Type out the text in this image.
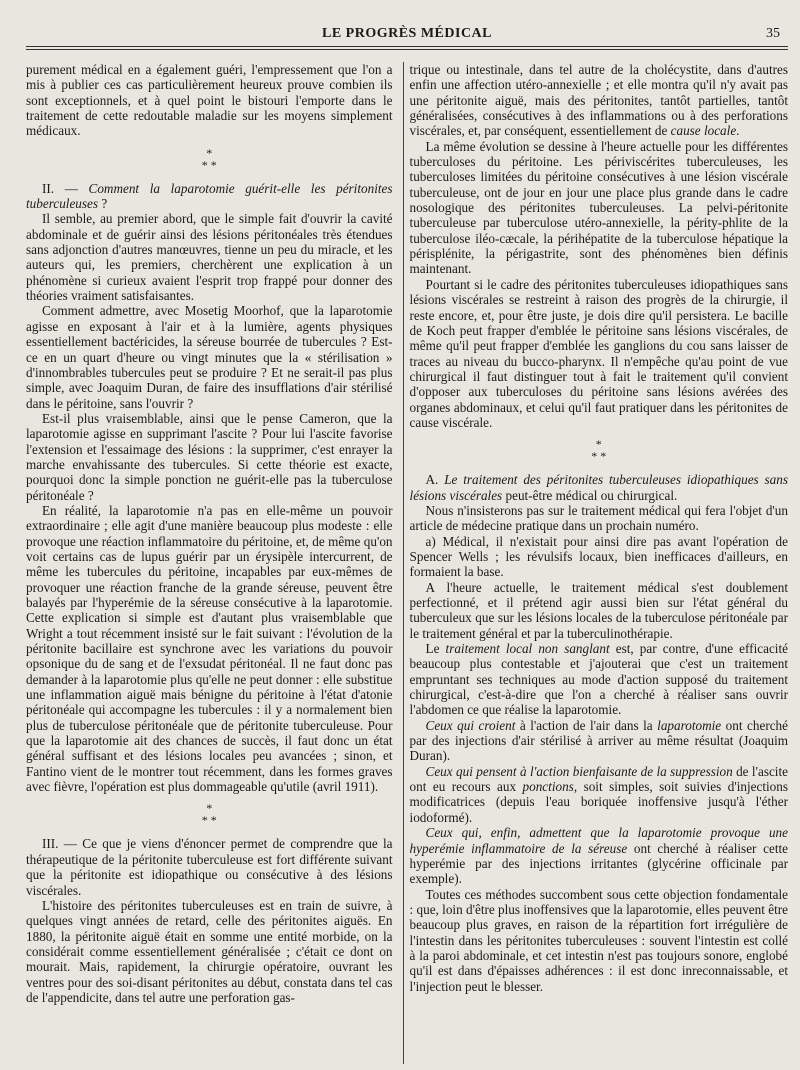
LE PROGRÈS MÉDICAL	35

purement médical en a également guéri, l'empressement que l'on a mis à publier ces cas particulièrement heureux prouve combien ils sont exceptionnels, et à quel point le bistouri l'emporte dans le traitement de cette redoutable maladie sur les moyens simplement médicaux.

*
* *

II. — Comment la laparotomie guérit-elle les péritonites tuberculeuses ?

Il semble, au premier abord, que le simple fait d'ouvrir la cavité abdominale et de guérir ainsi des lésions péritonéales très étendues sans adjonction d'autres manœuvres, tienne un peu du miracle, et les auteurs qui, les premiers, cherchèrent une explication à un phénomène si curieux avaient l'esprit trop frappé pour donner des théories vraiment satisfaisantes.

Comment admettre, avec Mosetig Moorhof, que la laparotomie agisse en exposant à l'air et à la lumière, agents physiques essentiellement bactéricides, la séreuse bourrée de tubercules ? Est-ce en un quart d'heure ou vingt minutes que la « stérilisation » d'innombrables tubercules peut se produire ? Et ne serait-il pas plus simple, avec Joaquim Duran, de faire des insufflations d'air stérilisé dans le péritoine, sans l'ouvrir ?

Est-il plus vraisemblable, ainsi que le pense Cameron, que la laparotomie agisse en supprimant l'ascite ? Pour lui l'ascite favorise l'extension et l'essaimage des lésions : la supprimer, c'est enrayer la marche envahissante des tubercules. Si cette théorie est exacte, pourquoi donc la simple ponction ne guérit-elle pas la tuberculose péritonéale ?

En réalité, la laparotomie n'a pas en elle-même un pouvoir extraordinaire ; elle agit d'une manière beaucoup plus modeste : elle provoque une réaction inflammatoire du péritoine, et, de même qu'on voit certains cas de lupus guérir par un érysipèle intercurrent, de même les tubercules du péritoine, incapables par eux-mêmes de provoquer une réaction franche de la grande séreuse, peuvent être balayés par l'hyperémie de la séreuse consécutive à la laparotomie. Cette explication si simple est d'autant plus vraisemblable que Wright a tout récemment insisté sur le fait suivant : l'évolution de la péritonite bacillaire est synchrone avec les variations du pouvoir opsonique du de sang et de l'exsudat péritonéal. Il ne faut donc pas demander à la laparotomie plus qu'elle ne peut donner : elle substitue une inflammation aiguë mais bénigne du péritoine à l'état d'atonie péritonéale qui accompagne les tubercules : il y a normalement bien plus de tuberculose péritonéale que de péritonite tuberculeuse. Pour que la laparotomie ait des chances de succès, il faut donc un état général suffisant et des lésions locales peu avancées ; sinon, et Fantino vient de le montrer tout récemment, dans les formes graves avec fièvre, l'opération est plus dommageable qu'utile (avril 1911).

*
* *

III. — Ce que je viens d'énoncer permet de comprendre que la thérapeutique de la péritonite tuberculeuse est fort différente suivant que la péritonite est idiopathique ou consécutive à des lésions viscérales.

L'histoire des péritonites tuberculeuses est en train de suivre, à quelques vingt années de retard, celle des péritonites aiguës. En 1880, la péritonite aiguë était en somme une entité morbide, on la considérait comme essentiellement généralisée ; c'était ce dont on mourait. Mais, rapidement, la chirurgie opératoire, ouvrant les ventres pour des soi-disant péritonites au début, constata dans tel cas de l'appendicite, dans tel autre une perforation gas-

trique ou intestinale, dans tel autre de la cholécystite, dans d'autres enfin une affection utéro-annexielle ; et elle montra qu'il n'y avait pas une péritonite aiguë, mais des péritonites, tantôt partielles, tantôt généralisées, consécutives à des inflammations ou à des perforations viscérales, et, par conséquent, essentiellement de cause locale.

La même évolution se dessine à l'heure actuelle pour les différentes tuberculoses du péritoine. Les périviscérites tuberculeuses, les tuberculoses limitées du péritoine consécutives à une lésion viscérale tuberculeuse, ont de jour en jour une place plus grande dans le cadre nosologique des péritonites tuberculeuses. La pelvi-péritonite tuberculeuse par tuberculose utéro-annexielle, la périty-phlite de la tuberculose iléo-cæcale, la périhépatite de la tuberculose hépatique la périsplénite, la périgastrite, sont des phénomènes bien définis maintenant.

Pourtant si le cadre des péritonites tuberculeuses idiopathiques sans lésions viscérales se restreint à raison des progrès de la chirurgie, il reste encore, et, pour être juste, je dois dire qu'il persistera. Le bacille de Koch peut frapper d'emblée le péritoine sans lésions viscérales, de même qu'il peut frapper d'emblée les ganglions du cou sans laisser de traces au niveau du bucco-pharynx. Il n'empêche qu'au point de vue chirurgical il faut distinguer tout à fait le traitement qu'il convient d'opposer aux tuberculoses du péritoine sans lésions avérées des organes abdominaux, et celui qu'il faut pratiquer dans les péritonites de cause viscérale.

*
* *

A. Le traitement des péritonites tuberculeuses idiopathiques sans lésions viscérales peut-être médical ou chirurgical.

Nous n'insisterons pas sur le traitement médical qui fera l'objet d'un article de médecine pratique dans un prochain numéro.

a) Médical, il n'existait pour ainsi dire pas avant l'opération de Spencer Wells ; les révulsifs locaux, bien inefficaces d'ailleurs, en formaient la base.

A l'heure actuelle, le traitement médical s'est doublement perfectionné, et il prétend agir aussi bien sur l'état général du tuberculeux que sur les lésions locales de la tuberculose péritonéale par le traitement général et par la tuberculinothérapie.

Le traitement local non sanglant est, par contre, d'une efficacité beaucoup plus contestable et j'ajouterai que c'est un traitement empruntant ses techniques au mode d'action supposé du traitement chirurgical, c'est-à-dire que l'on a cherché à réaliser sans ouvrir l'abdomen ce que réalise la laparotomie.

Ceux qui croient à l'action de l'air dans la laparotomie ont cherché par des injections d'air stérilisé à arriver au même résultat (Joaquim Duran).

Ceux qui pensent à l'action bienfaisante de la suppression de l'ascite ont eu recours aux ponctions, soit simples, soit suivies d'injections modificatrices (depuis l'eau boriquée inoffensive jusqu'à l'éther iodoformé).

Ceux qui, enfin, admettent que la laparotomie provoque une hyperémie inflammatoire de la séreuse ont cherché à réaliser cette hyperémie par des injections irritantes (glycérine officinale par exemple).

Toutes ces méthodes succombent sous cette objection fondamentale : que, loin d'être plus inoffensives que la laparotomie, elles peuvent être beaucoup plus graves, en raison de la répartition fort irrégulière de l'intestin dans les péritonites tuberculeuses : souvent l'intestin est collé à la paroi abdominale, et cet intestin n'est pas toujours sonore, englobé qu'il est dans d'épaisses adhérences : il est donc inreconnaissable, et l'injection peut le blesser.
